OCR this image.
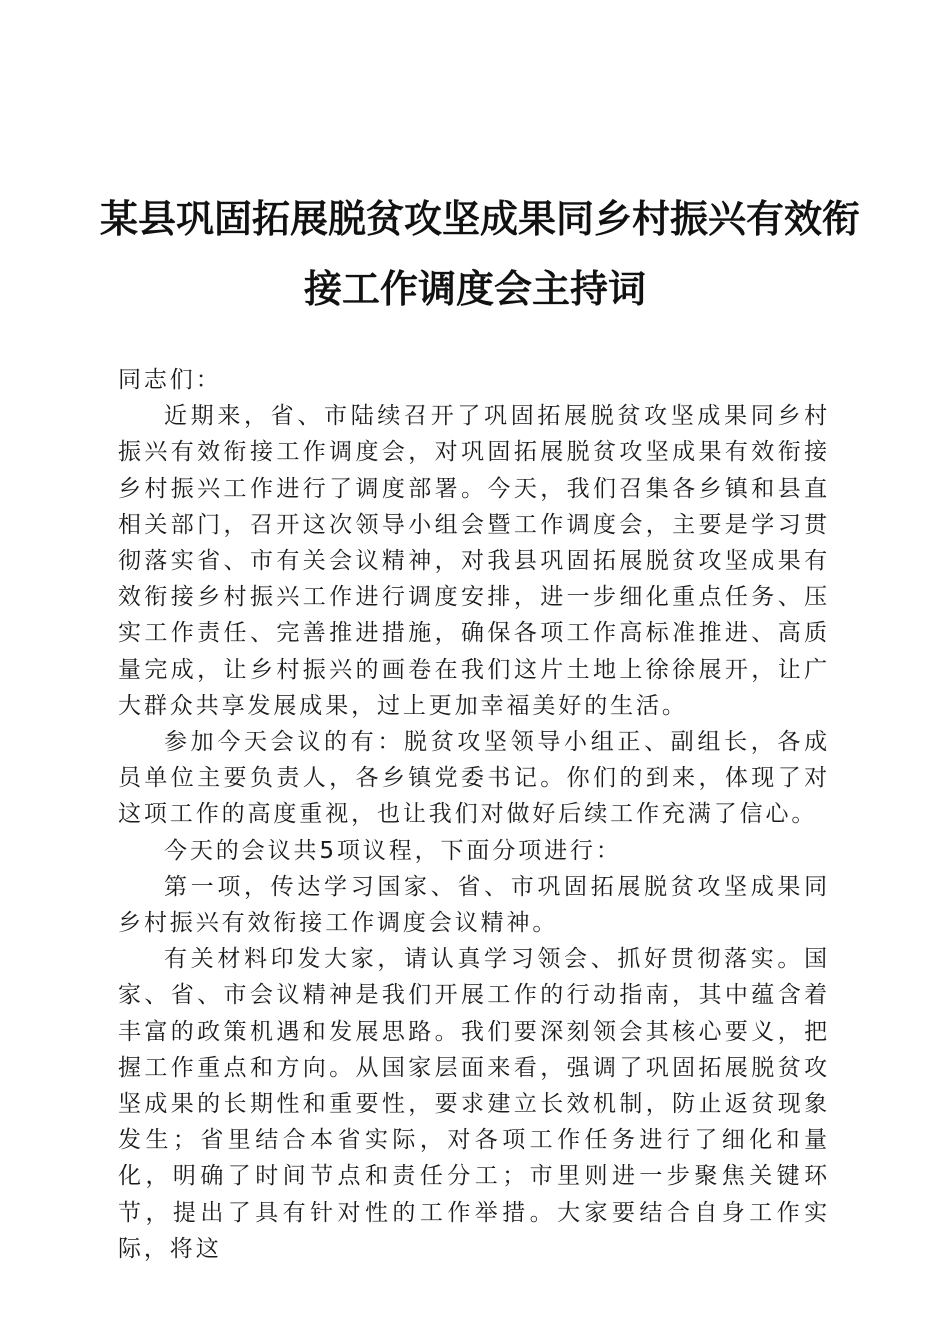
某县巩固拓展脱贫攻坚成果同乡村振兴有效衔
接工作调度会主持词

同志们：

近期来，省、市陆续召开了巩固拓展脱贫攻坚成果同乡村振兴有效衔接工作调度会，对巩固拓展脱贫攻坚成果有效衔接乡村振兴工作进行了调度部署。今天，我们召集各乡镇和县直相关部门，召开这次领导小组会暨工作调度会，主要是学习贯彻落实省、市有关会议精神，对我县巩固拓展脱贫攻坚成果有效衔接乡村振兴工作进行调度安排，进一步细化重点任务、压实工作责任、完善推进措施，确保各项工作高标准推进、高质量完成，让乡村振兴的画卷在我们这片土地上徐徐展开，让广大群众共享发展成果，过上更加幸福美好的生活。

参加今天会议的有：脱贫攻坚领导小组正、副组长，各成员单位主要负责人，各乡镇党委书记。你们的到来，体现了对这项工作的高度重视，也让我们对做好后续工作充满了信心。

今天的会议共5项议程，下面分项进行：

第一项，传达学习国家、省、市巩固拓展脱贫攻坚成果同乡村振兴有效衔接工作调度会议精神。

有关材料印发大家，请认真学习领会、抓好贯彻落实。国家、省、市会议精神是我们开展工作的行动指南，其中蕴含着丰富的政策机遇和发展思路。我们要深刻领会其核心要义，把握工作重点和方向。从国家层面来看，强调了巩固拓展脱贫攻坚成果的长期性和重要性，要求建立长效机制，防止返贫现象发生；省里结合本省实际，对各项工作任务进行了细化和量化，明确了时间节点和责任分工；市里则进一步聚焦关键环节，提出了具有针对性的工作举措。大家要结合自身工作实际，将这
